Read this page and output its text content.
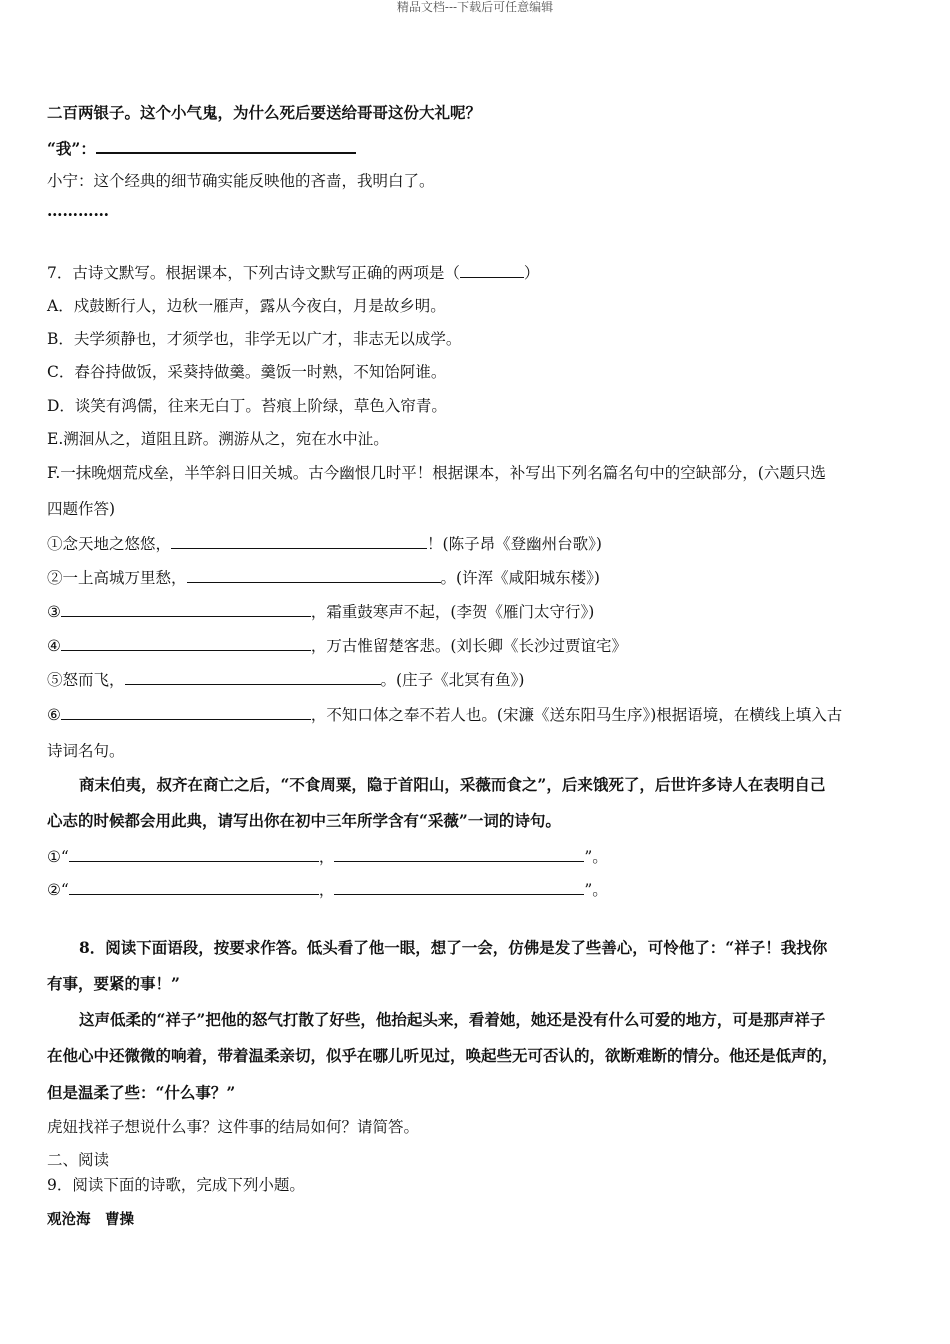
精品文档---下载后可任意编辑
二百两银子。这个小气鬼，为什么死后要送给哥哥这份大礼呢？
“我”：
小宁：这个经典的细节确实能反映他的吝啬，我明白了。
…………
7．古诗文默写。根据课本，下列古诗文默写正确的两项是（	）
A．戍鼓断行人，边秋一雁声，露从今夜白，月是故乡明。
B．夫学须静也，才须学也，非学无以广才，非志无以成学。
C．舂谷持做饭，采葵持做羹。羹饭一时熟，不知饴阿谁。
D．谈笑有鸿儒，往来无白丁。苔痕上阶绿，草色入帘青。
E.溯洄从之，道阻且跻。溯游从之，宛在水中沚。
F.一抹晚烟荒戍垒，半竿斜日旧关城。古今幽恨几时平！根据课本，补写出下列名篇名句中的空缺部分，(六题只选
四题作答)
①念天地之悠悠，	！(陈子昂《登幽州台歌》)
②一上高城万里愁，	。(许浑《咸阳城东楼》)
③	，霜重鼓寒声不起，(李贺《雁门太守行》)
④	，万古惟留楚客悲。(刘长卿《长沙过贾谊宅》
⑤怒而飞，	。(庄子《北冥有鱼》)
⑥	，不知口体之奉不若人也。(宋濂《送东阳马生序》)根据语境，在横线上填入古
诗词名句。
商末伯夷，叔齐在商亡之后，“不食周粟，隐于首阳山，采薇而食之”，后来饿死了，后世许多诗人在表明自己
心志的时候都会用此典，请写出你在初中三年所学含有“采薇”一词的诗句。
①“	，	”。
②“	，	”。
8．阅读下面语段，按要求作答。低头看了他一眼，想了一会，仿佛是发了些善心，可怜他了：“祥子！我找你
有事，要紧的事！”
这声低柔的“祥子”把他的怒气打散了好些，他抬起头来，看着她，她还是没有什么可爱的地方，可是那声祥子
在他心中还微微的响着，带着温柔亲切，似乎在哪儿听见过，唤起些无可否认的，欲断难断的情分。他还是低声的，
但是温柔了些：“什么事？”
虎妞找祥子想说什么事？这件事的结局如何？请简答。
二、阅读
9．阅读下面的诗歌，完成下列小题。
观沧海　曹操
